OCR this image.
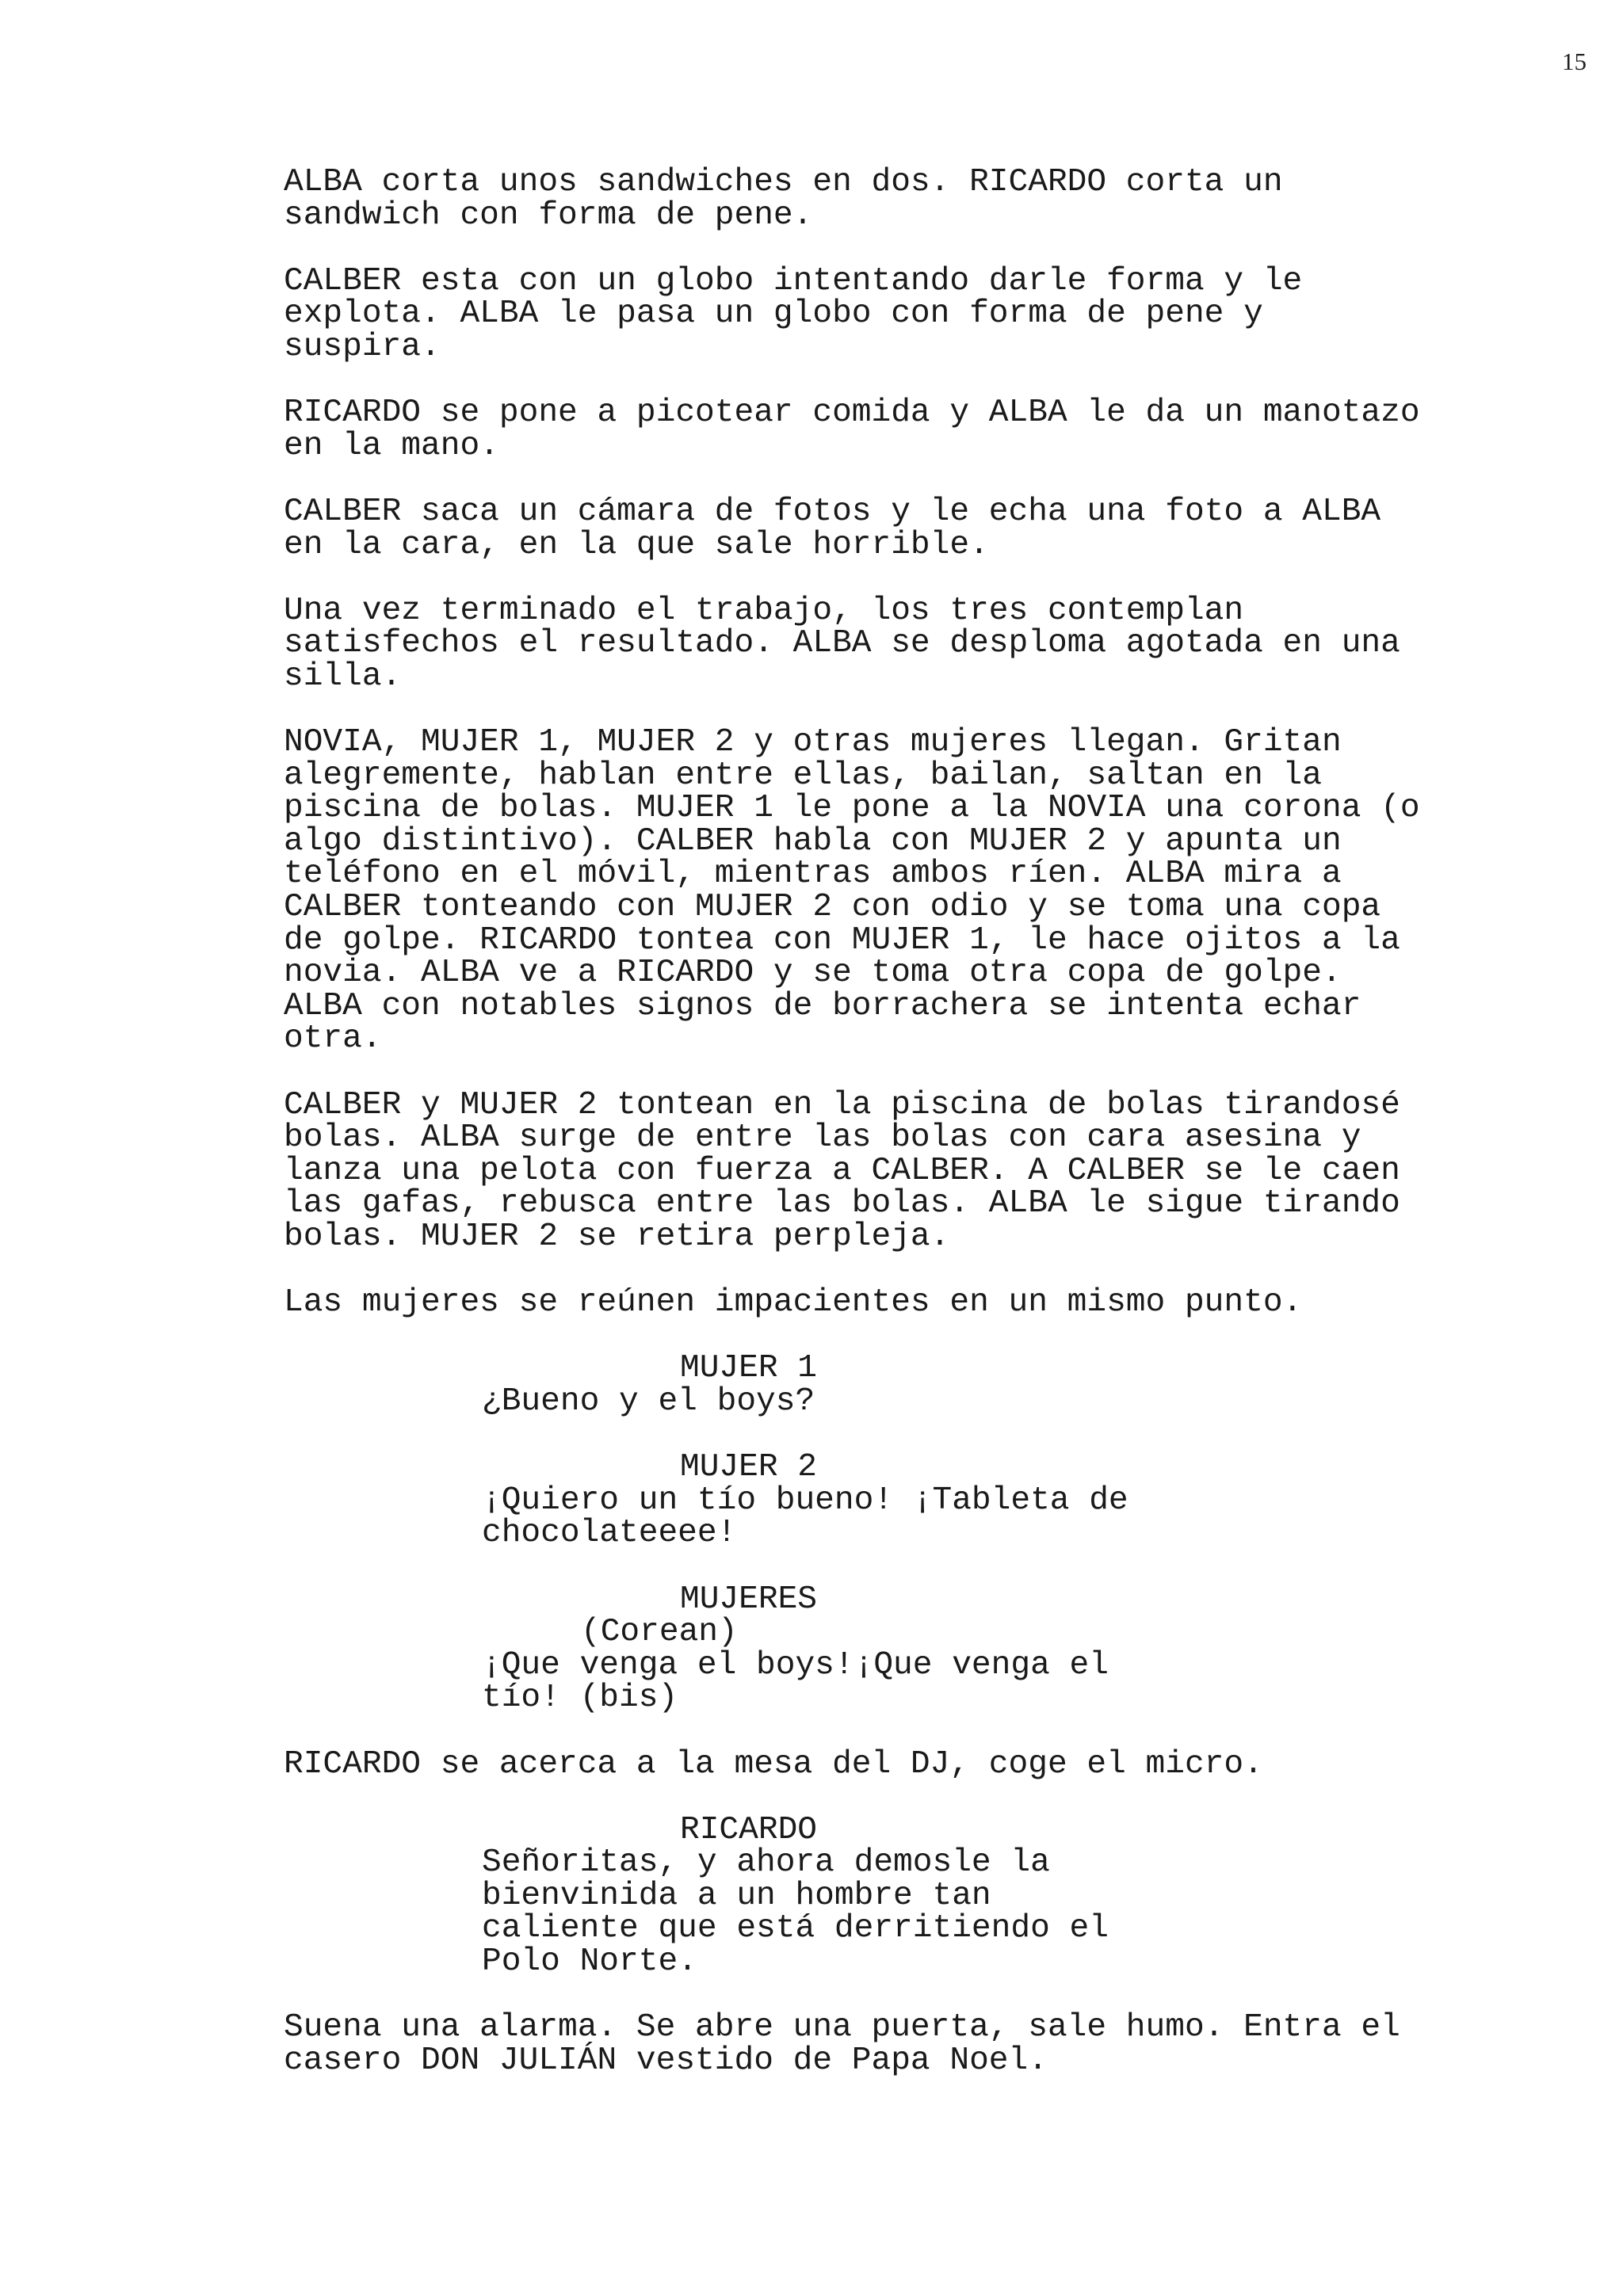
15
ALBA corta unos sandwiches en dos. RICARDO corta un sandwich con forma de pene.
CALBER esta con un globo intentando darle forma y le explota. ALBA le pasa un globo con forma de pene y suspira.
RICARDO se pone a picotear comida y ALBA le da un manotazo en la mano.
CALBER saca un cámara de fotos y le echa una foto a ALBA en la cara, en la que sale horrible.
Una vez terminado el trabajo, los tres contemplan satisfechos el resultado. ALBA se desploma agotada en una silla.
NOVIA, MUJER 1, MUJER 2 y otras mujeres llegan. Gritan alegremente, hablan entre ellas, bailan, saltan en la piscina de bolas. MUJER 1 le pone a la NOVIA una corona (o algo distintivo). CALBER habla con MUJER 2 y apunta un teléfono en el móvil, mientras ambos ríen. ALBA mira a CALBER tonteando con MUJER 2 con odio y se toma una copa de golpe. RICARDO tontea con MUJER 1, le hace ojitos a la novia. ALBA ve a RICARDO y se toma otra copa de golpe. ALBA con notables signos de borrachera se intenta echar otra.
CALBER y MUJER 2 tontean en la piscina de bolas tirandosé bolas. ALBA surge de entre las bolas con cara asesina y lanza una pelota con fuerza a CALBER. A CALBER se le caen las gafas, rebusca entre las bolas. ALBA le sigue tirando bolas. MUJER 2 se retira perpleja.
Las mujeres se reúnen impacientes en un mismo punto.
MUJER 1
¿Bueno y el boys?
MUJER 2
¡Quiero un tío bueno! ¡Tableta de chocolateeee!
MUJERES
(Corean)
¡Que venga el boys!¡Que venga el tío! (bis)
RICARDO se acerca a la mesa del DJ, coge el micro.
RICARDO
Señoritas, y ahora demosle la bienvinida a un hombre tan caliente que está derritiendo el Polo Norte.
Suena una alarma. Se abre una puerta, sale humo. Entra el casero DON JULIÁN vestido de Papa Noel.
